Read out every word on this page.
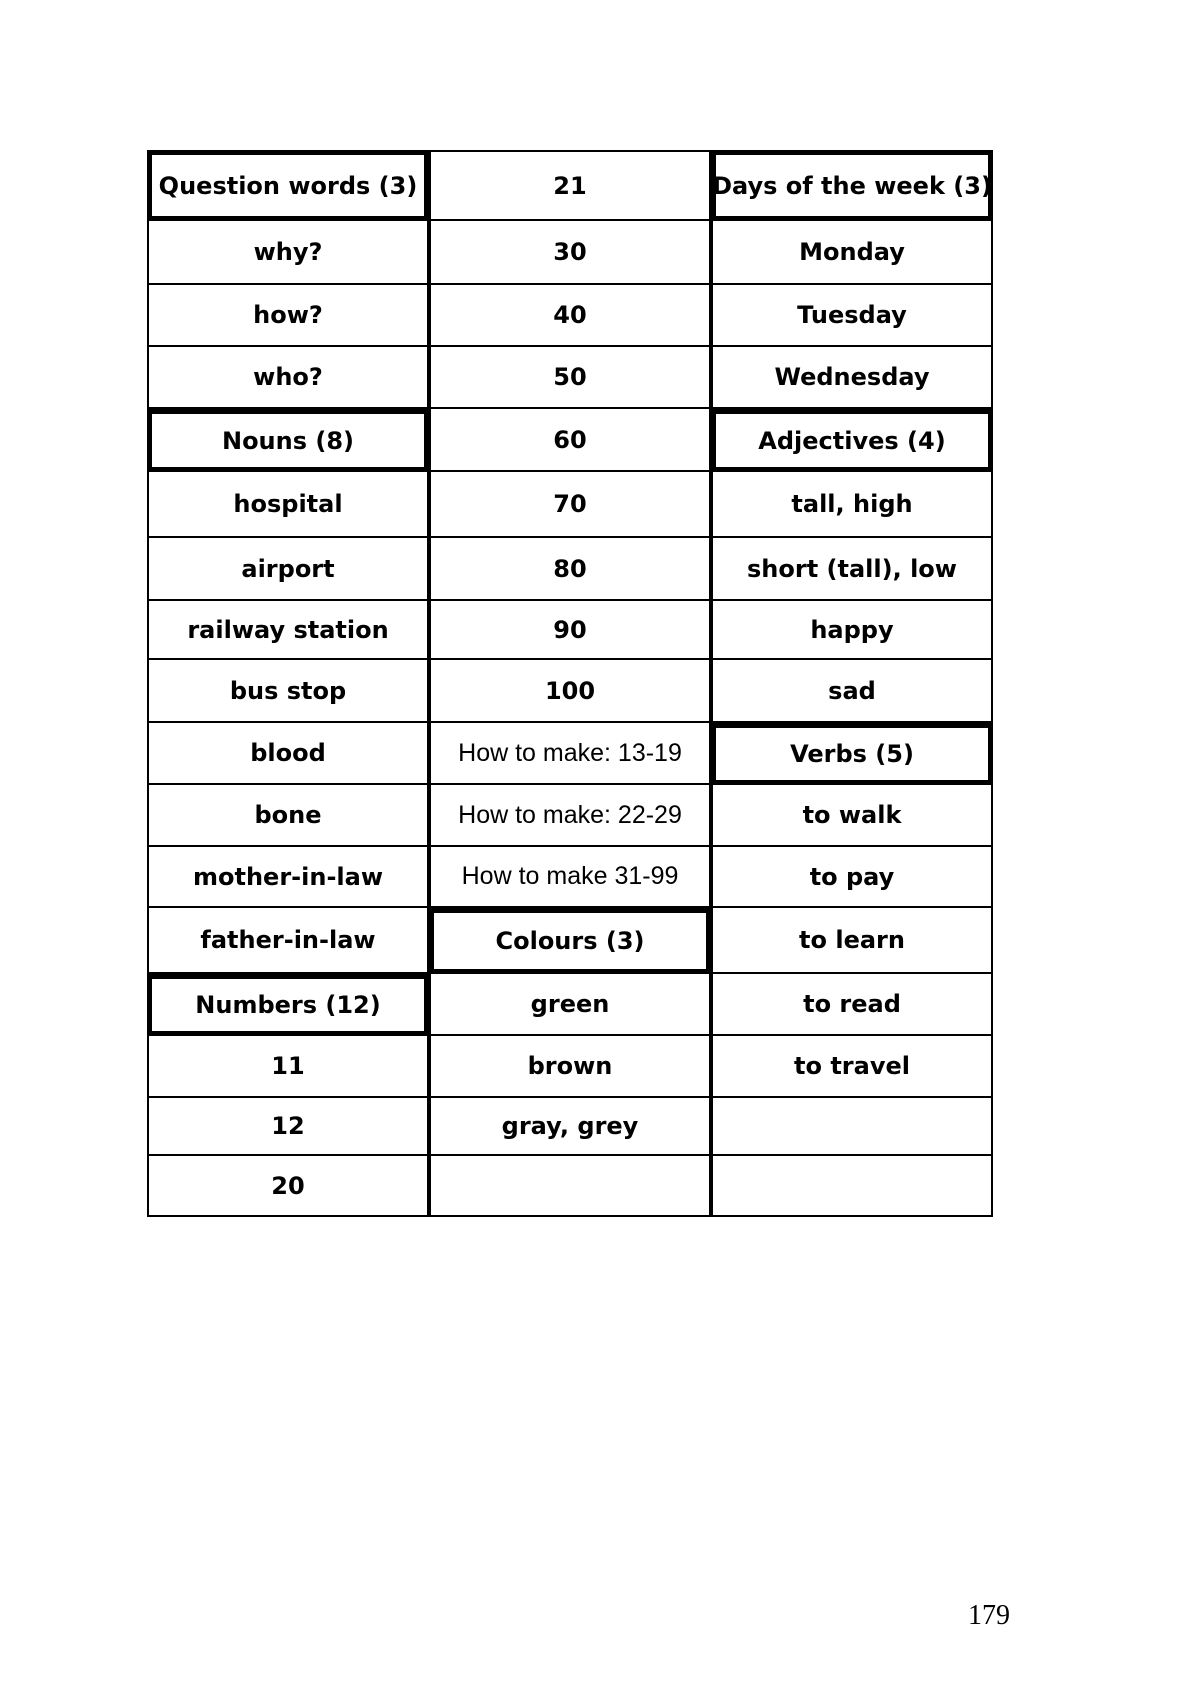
Question words (3)
why?
how?
who?
Nouns (8)
hospital
airport
railway station
bus stop
blood
bone
mother-in-law
father-in-law
Numbers (12)
11
12
20
21
30
40
50
60
70
80
90
100
How to make: 13-19
How to make: 22-29
How to make 31-99
Colours (3)
green
brown
gray, grey
Days of the week (3)
Monday
Tuesday
Wednesday
Adjectives (4)
tall, high
short (tall), low
happy
sad
Verbs (5)
to walk
to pay
to learn
to read
to travel
179
